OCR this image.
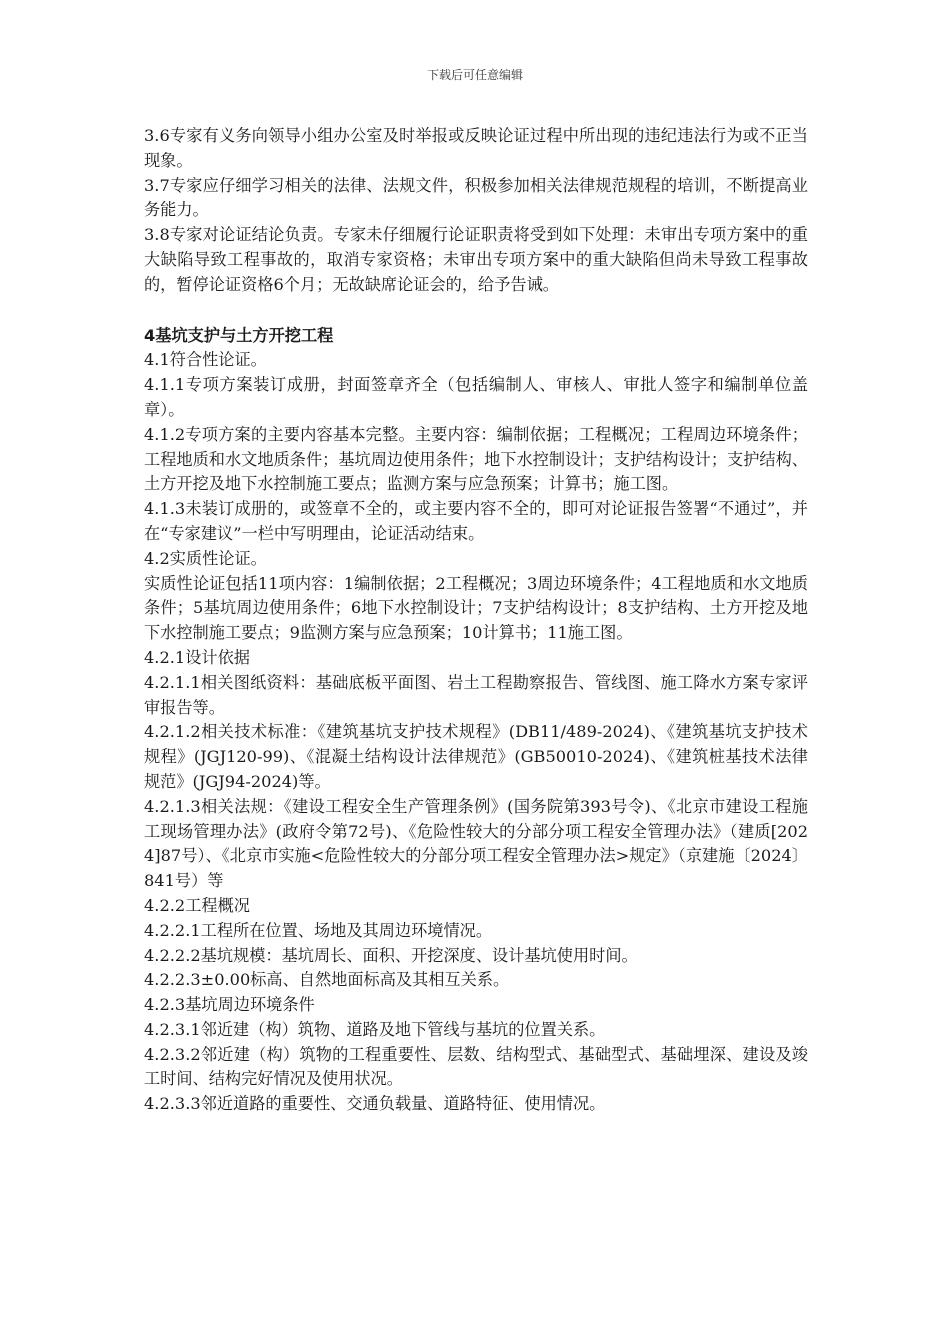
下载后可任意编辑

3.6专家有义务向领导小组办公室及时举报或反映论证过程中所出现的违纪违法行为或不正当现象。

3.7专家应仔细学习相关的法律、法规文件，积极参加相关法律规范规程的培训，不断提高业务能力。

3.8专家对论证结论负责。专家未仔细履行论证职责将受到如下处理：未审出专项方案中的重大缺陷导致工程事故的，取消专家资格；未审出专项方案中的重大缺陷但尚未导致工程事故的，暂停论证资格6个月；无故缺席论证会的，给予告诫。

4基坑支护与土方开挖工程

4.1符合性论证。

4.1.1专项方案装订成册，封面签章齐全（包括编制人、审核人、审批人签字和编制单位盖章）。

4.1.2专项方案的主要内容基本完整。主要内容：编制依据；工程概况；工程周边环境条件；工程地质和水文地质条件；基坑周边使用条件；地下水控制设计；支护结构设计；支护结构、土方开挖及地下水控制施工要点；监测方案与应急预案；计算书；施工图。

4.1.3未装订成册的，或签章不全的，或主要内容不全的，即可对论证报告签署“不通过”，并在“专家建议”一栏中写明理由，论证活动结束。

4.2实质性论证。

实质性论证包括11项内容：1编制依据；2工程概况；3周边环境条件；4工程地质和水文地质条件；5基坑周边使用条件；6地下水控制设计；7支护结构设计；8支护结构、土方开挖及地下水控制施工要点；9监测方案与应急预案；10计算书；11施工图。

4.2.1设计依据

4.2.1.1相关图纸资料：基础底板平面图、岩土工程勘察报告、管线图、施工降水方案专家评审报告等。

4.2.1.2相关技术标准：《建筑基坑支护技术规程》(DB11/489-2024)、《建筑基坑支护技术规程》(JGJ120-99)、《混凝土结构设计法律规范》(GB50010-2024)、《建筑桩基技术法律规范》(JGJ94-2024)等。

4.2.1.3相关法规：《建设工程安全生产管理条例》(国务院第393号令)、《北京市建设工程施工现场管理办法》(政府令第72号)、《危险性较大的分部分项工程安全管理办法》（建质[2024]87号）、《北京市实施<危险性较大的分部分项工程安全管理办法>规定》（京建施〔2024〕841号）等

4.2.2工程概况

4.2.2.1工程所在位置、场地及其周边环境情况。

4.2.2.2基坑规模：基坑周长、面积、开挖深度、设计基坑使用时间。

4.2.2.3±0.00标高、自然地面标高及其相互关系。

4.2.3基坑周边环境条件

4.2.3.1邻近建（构）筑物、道路及地下管线与基坑的位置关系。

4.2.3.2邻近建（构）筑物的工程重要性、层数、结构型式、基础型式、基础埋深、建设及竣工时间、结构完好情况及使用状况。

4.2.3.3邻近道路的重要性、交通负载量、道路特征、使用情况。
